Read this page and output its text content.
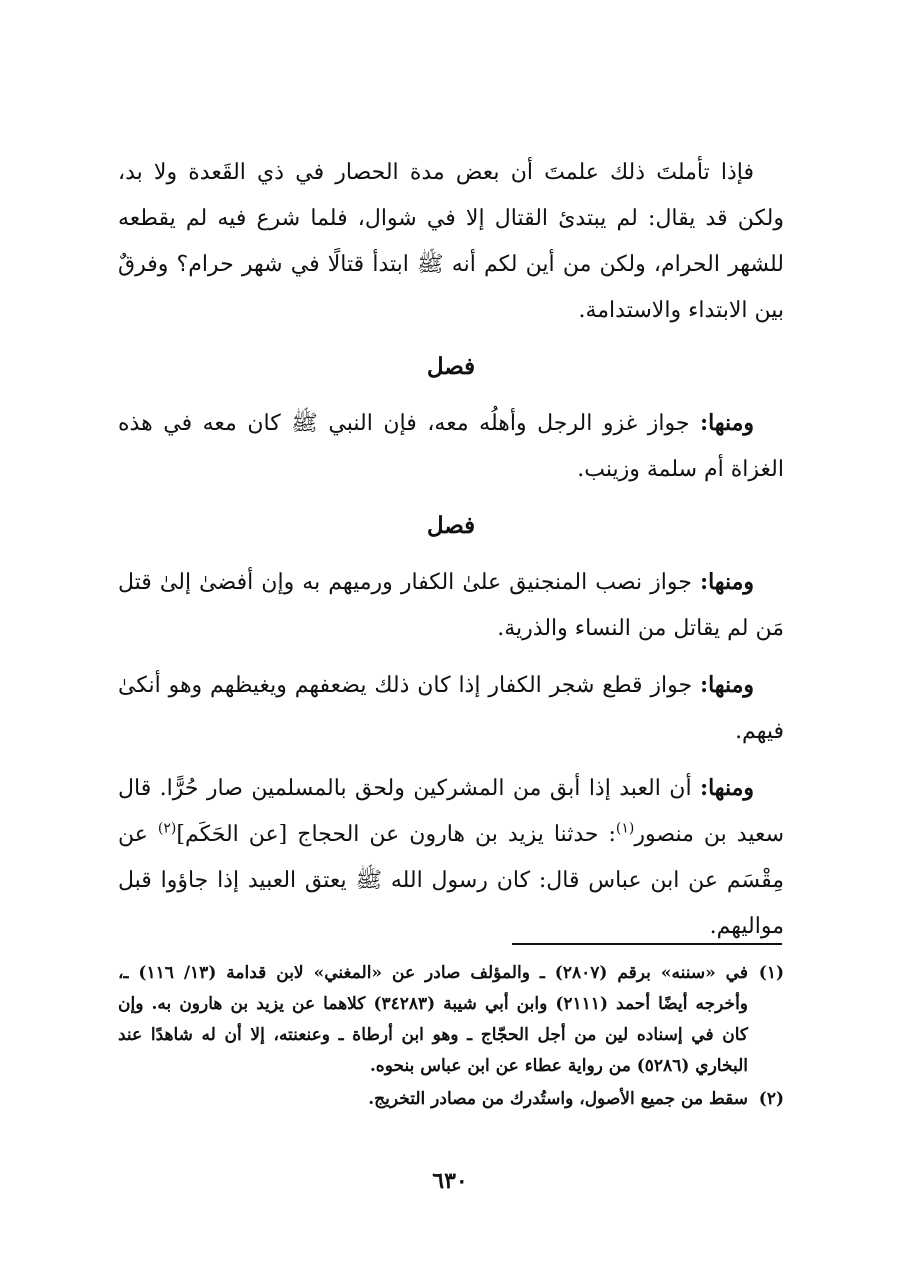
فإذا تأملتَ ذلك علمتَ أن بعض مدة الحصار في ذي القَعدة ولا بد، ولكن قد يقال: لم يبتدئ القتال إلا في شوال، فلما شرع فيه لم يقطعه للشهر الحرام، ولكن من أين لكم أنه ﷺ ابتدأ قتالًا في شهر حرام؟ وفرقٌ بين الابتداء والاستدامة.

فصل

ومنها: جواز غزو الرجل وأهلُه معه، فإن النبي ﷺ كان معه في هذه الغزاة أم سلمة وزينب.

فصل

ومنها: جواز نصب المنجنيق علىٰ الكفار ورميهم به وإن أفضىٰ إلىٰ قتل مَن لم يقاتل من النساء والذرية.

ومنها: جواز قطع شجر الكفار إذا كان ذلك يضعفهم ويغيظهم وهو أنكىٰ فيهم.

ومنها: أن العبد إذا أبق من المشركين ولحق بالمسلمين صار حُرًّا. قال سعيد بن منصور$^{(١)}$: حدثنا يزيد بن هارون عن الحجاج [عن الحَكَم]$^{(٢)}$ عن مِقْسَم عن ابن عباس قال: كان رسول الله ﷺ يعتق العبيد إذا جاؤوا قبل مواليهم.

(١)
في «سننه» برقم (٢٨٠٧) ـ والمؤلف صادر عن «المغني» لابن قدامة (١٣/ ١١٦) ـ، وأخرجه أيضًا أحمد (٢١١١) وابن أبي شيبة (٣٤٢٨٣) كلاهما عن يزيد بن هارون به. وإن كان في إسناده لين من أجل الحجّاج ـ وهو ابن أرطاة ـ وعنعنته، إلا أن له شاهدًا عند البخاري (٥٢٨٦) من رواية عطاء عن ابن عباس بنحوه.
(٢)
سقط من جميع الأصول، واستُدرك من مصادر التخريج.
٦٣٠
